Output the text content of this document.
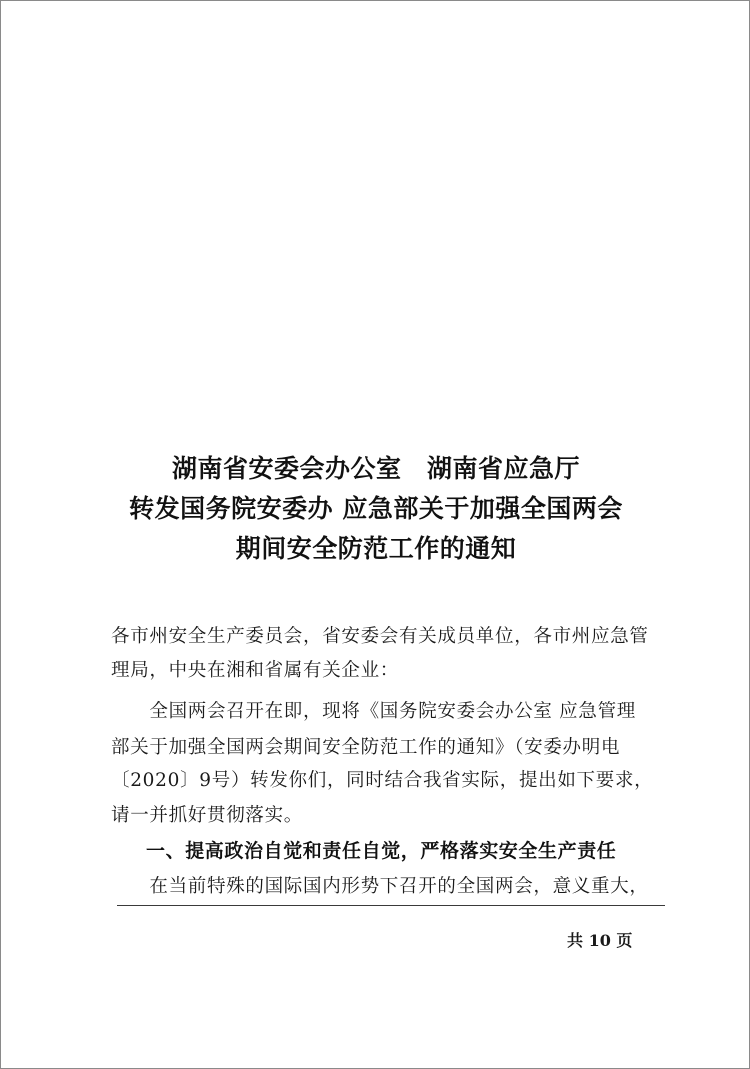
湖南省安委会办公室　湖南省应急厅
转发国务院安委办 应急部关于加强全国两会
期间安全防范工作的通知
各市州安全生产委员会，省安委会有关成员单位，各市州应急管
理局，中央在湘和省属有关企业：
　　全国两会召开在即，现将《国务院安委会办公室 应急管理
部关于加强全国两会期间安全防范工作的通知》（安委办明电
〔2020〕9号）转发你们，同时结合我省实际，提出如下要求，
请一并抓好贯彻落实。
一、提高政治自觉和责任自觉，严格落实安全生产责任
　　在当前特殊的国际国内形势下召开的全国两会，意义重大，
共 10 页
